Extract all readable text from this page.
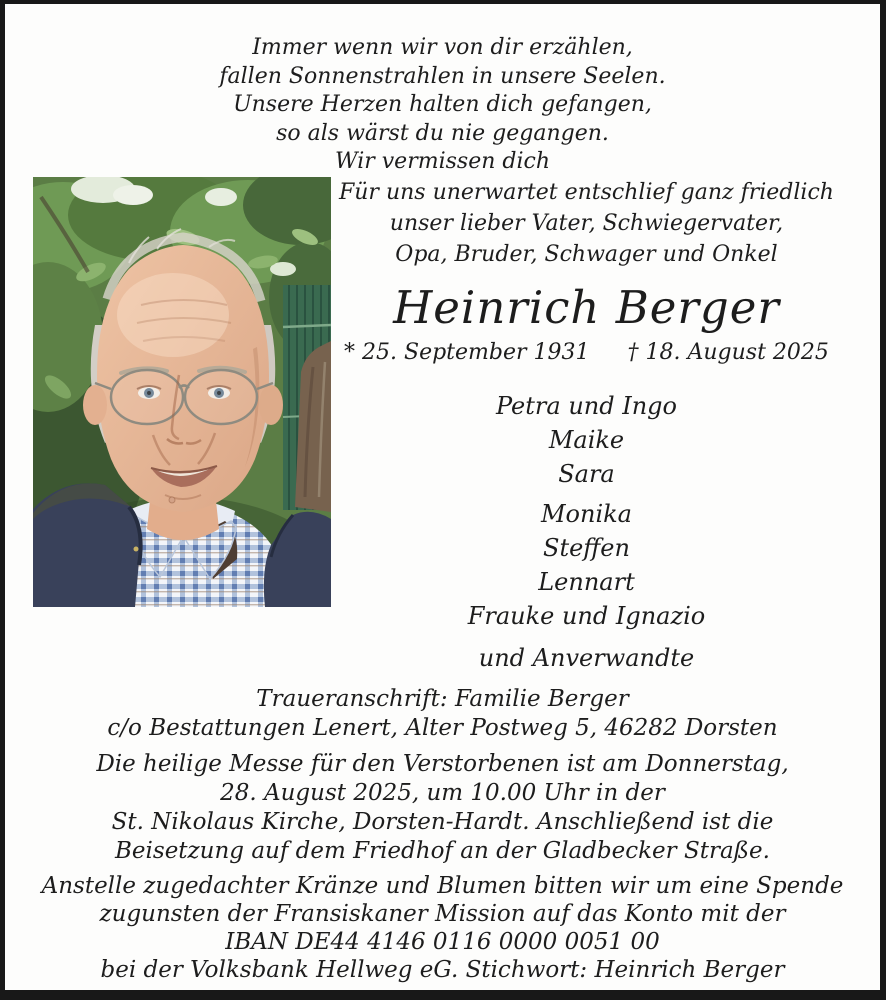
Immer wenn wir von dir erzählen,
fallen Sonnenstrahlen in unsere Seelen.
Unsere Herzen halten dich gefangen,
so als wärst du nie gegangen.
Wir vermissen dich
Für uns unerwartet entschlief ganz friedlich
unser lieber Vater, Schwiegervater,
Opa, Bruder, Schwager und Onkel
Heinrich Berger
* 25. September 1931 † 18. August 2025
Petra und Ingo
Maike
Sara
Monika
Steffen
Lennart
Frauke und Ignazio
und Anverwandte
Traueranschrift: Familie Berger
c/o Bestattungen Lenert, Alter Postweg 5, 46282 Dorsten
Die heilige Messe für den Verstorbenen ist am Donnerstag,
28. August 2025, um 10.00 Uhr in der
St. Nikolaus Kirche, Dorsten-Hardt. Anschließend ist die
Beisetzung auf dem Friedhof an der Gladbecker Straße.
Anstelle zugedachter Kränze und Blumen bitten wir um eine Spende
zugunsten der Fransiskaner Mission auf das Konto mit der
IBAN DE44 4146 0116 0000 0051 00
bei der Volksbank Hellweg eG. Stichwort: Heinrich Berger
